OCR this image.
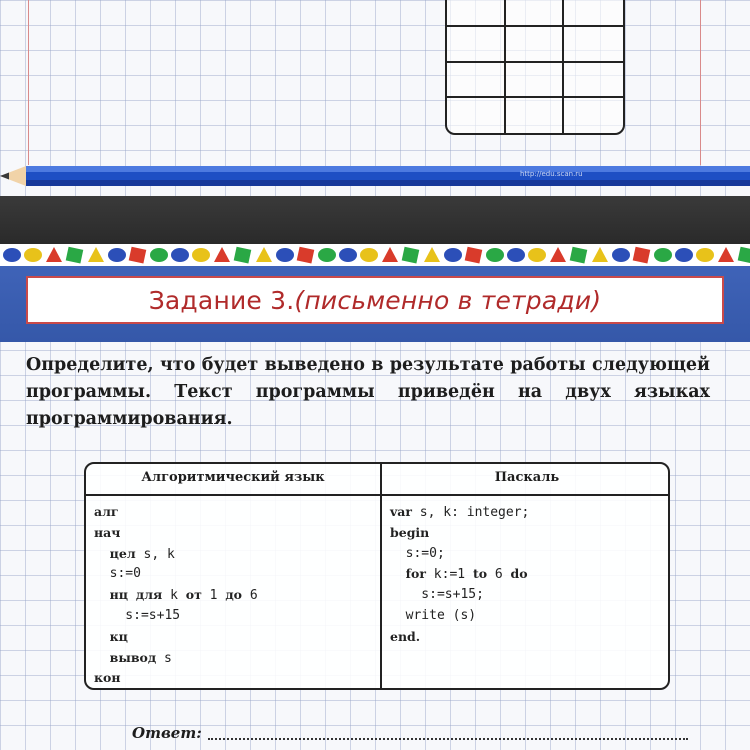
http://edu.scan.ru
Задание 3. (письменно в тетради)
Определите, что будет выведено в результате работы следующей программы. Текст программы приведён на двух языках программирования.
Алгоритмический язык	Паскаль
алг
нач
цел s, k
s:=0
нц для k от 1 до 6
s:=s+15
кц
вывод s
кон
var s, k: integer;
begin
s:=0;
for k:=1 to 6 do
s:=s+15;
write (s)
end.
Ответ:
